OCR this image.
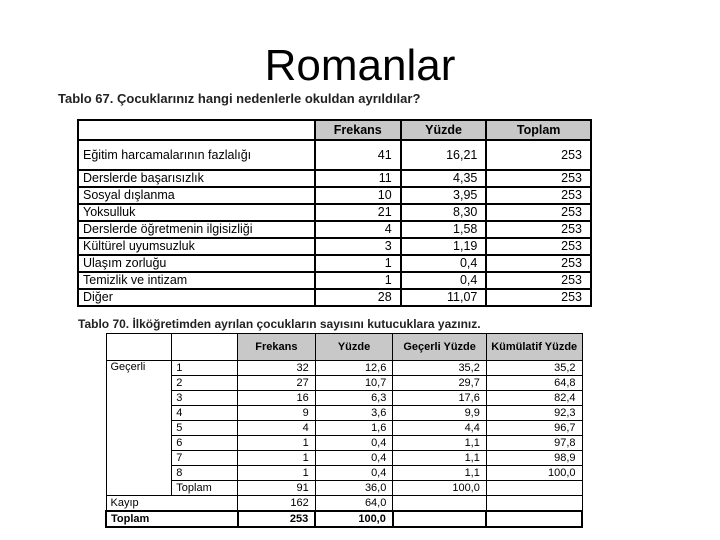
Romanlar
Tablo 67. Çocuklarınız hangi nedenlerle okuldan ayrıldılar?
	Frekans	Yüzde	Toplam
Eğitim harcamalarının fazlalığı	41	16,21	253
Derslerde başarısızlık	11	4,35	253
Sosyal dışlanma	10	3,95	253
Yoksulluk	21	8,30	253
Derslerde öğretmenin ilgisizliği	4	1,58	253
Kültürel uyumsuzluk	3	1,19	253
Ulaşım zorluğu	1	0,4	253
Temizlik ve intizam	1	0,4	253
Diğer	28	11,07	253
Tablo 70. İlköğretimden ayrılan çocukların sayısını kutucuklara yazınız.
		Frekans	Yüzde	Geçerli Yüzde	Kümülatif Yüzde
Geçerli	1	32	12,6	35,2	35,2
	2	27	10,7	29,7	64,8
	3	16	6,3	17,6	82,4
	4	9	3,6	9,9	92,3
	5	4	1,6	4,4	96,7
	6	1	0,4	1,1	97,8
	7	1	0,4	1,1	98,9
	8	1	0,4	1,1	100,0
	Toplam	91	36,0	100,0	
Kayıp		162	64,0		
Toplam		253	100,0		
